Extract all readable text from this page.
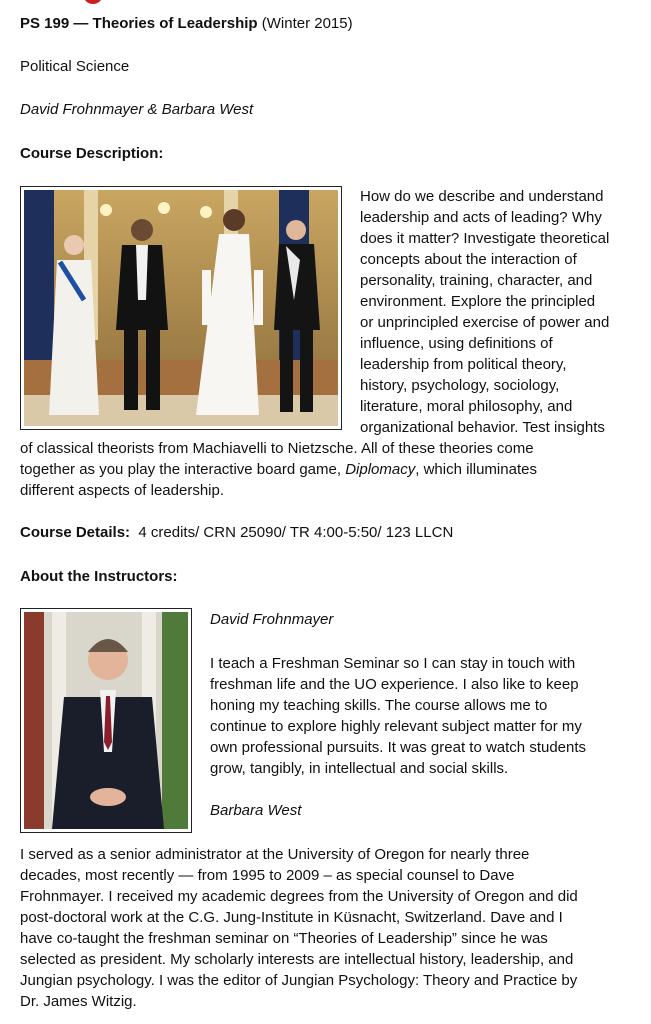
PS 199 — Theories of Leadership (Winter 2015)

Political Science

David Frohnmayer & Barbara West

Course Description:

How do we describe and understand
leadership and acts of leading? Why
does it matter? Investigate theoretical
concepts about the interaction of
personality, training, character, and
environment. Explore the principled
or unprincipled exercise of power and
influence, using definitions of
leadership from political theory,
history, psychology, sociology,
literature, moral philosophy, and
organizational behavior. Test insights
of classical theorists from Machiavelli to Nietzsche. All of these theories come
together as you play the interactive board game, Diplomacy, which illuminates
different aspects of leadership.

Course Details:  4 credits/ CRN 25090/ TR 4:00-5:50/ 123 LLCN

About the Instructors:

David Frohnmayer

I teach a Freshman Seminar so I can stay in touch with
freshman life and the UO experience. I also like to keep
honing my teaching skills. The course allows me to
continue to explore highly relevant subject matter for my
own professional pursuits. It was great to watch students
grow, tangibly, in intellectual and social skills.

Barbara West

I served as a senior administrator at the University of Oregon for nearly three
decades, most recently — from 1995 to 2009 – as special counsel to Dave
Frohnmayer. I received my academic degrees from the University of Oregon and did
post-doctoral work at the C.G. Jung-Institute in Küsnacht, Switzerland. Dave and I
have co-taught the freshman seminar on “Theories of Leadership” since he was
selected as president. My scholarly interests are intellectual history, leadership, and
Jungian psychology. I was the editor of Jungian Psychology: Theory and Practice by
Dr. James Witzig.
